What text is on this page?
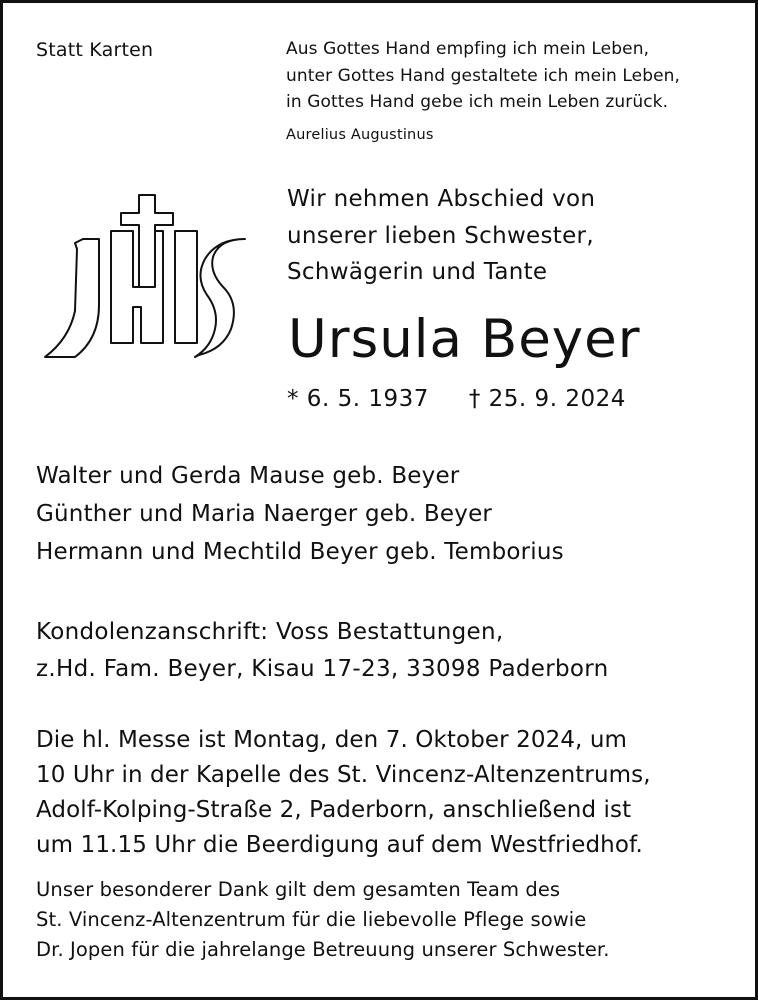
Statt Karten	Aus Gottes Hand empfing ich mein Leben,
unter Gottes Hand gestaltete ich mein Leben,
in Gottes Hand gebe ich mein Leben zurück.

Aurelius Augustinus

Wir nehmen Abschied von
unserer lieben Schwester,
Schwägerin und Tante
Ursula Beyer

* 6. 5. 1937 † 25. 9. 2024

Walter und Gerda Mause geb. Beyer
Günther und Maria Naerger geb. Beyer
Hermann und Mechtild Beyer geb. Temborius
Kondolenzanschrift: Voss Bestattungen,
z.Hd. Fam. Beyer, Kisau 17-23, 33098 Paderborn
Die hl. Messe ist Montag, den 7. Oktober 2024, um
10 Uhr in der Kapelle des St. Vincenz-Altenzentrums,
Adolf-Kolping-Straße 2, Paderborn, anschließend ist
um 11.15 Uhr die Beerdigung auf dem Westfriedhof.
Unser besonderer Dank gilt dem gesamten Team des
St. Vincenz-Altenzentrum für die liebevolle Pflege sowie
Dr. Jopen für die jahrelange Betreuung unserer Schwester.
